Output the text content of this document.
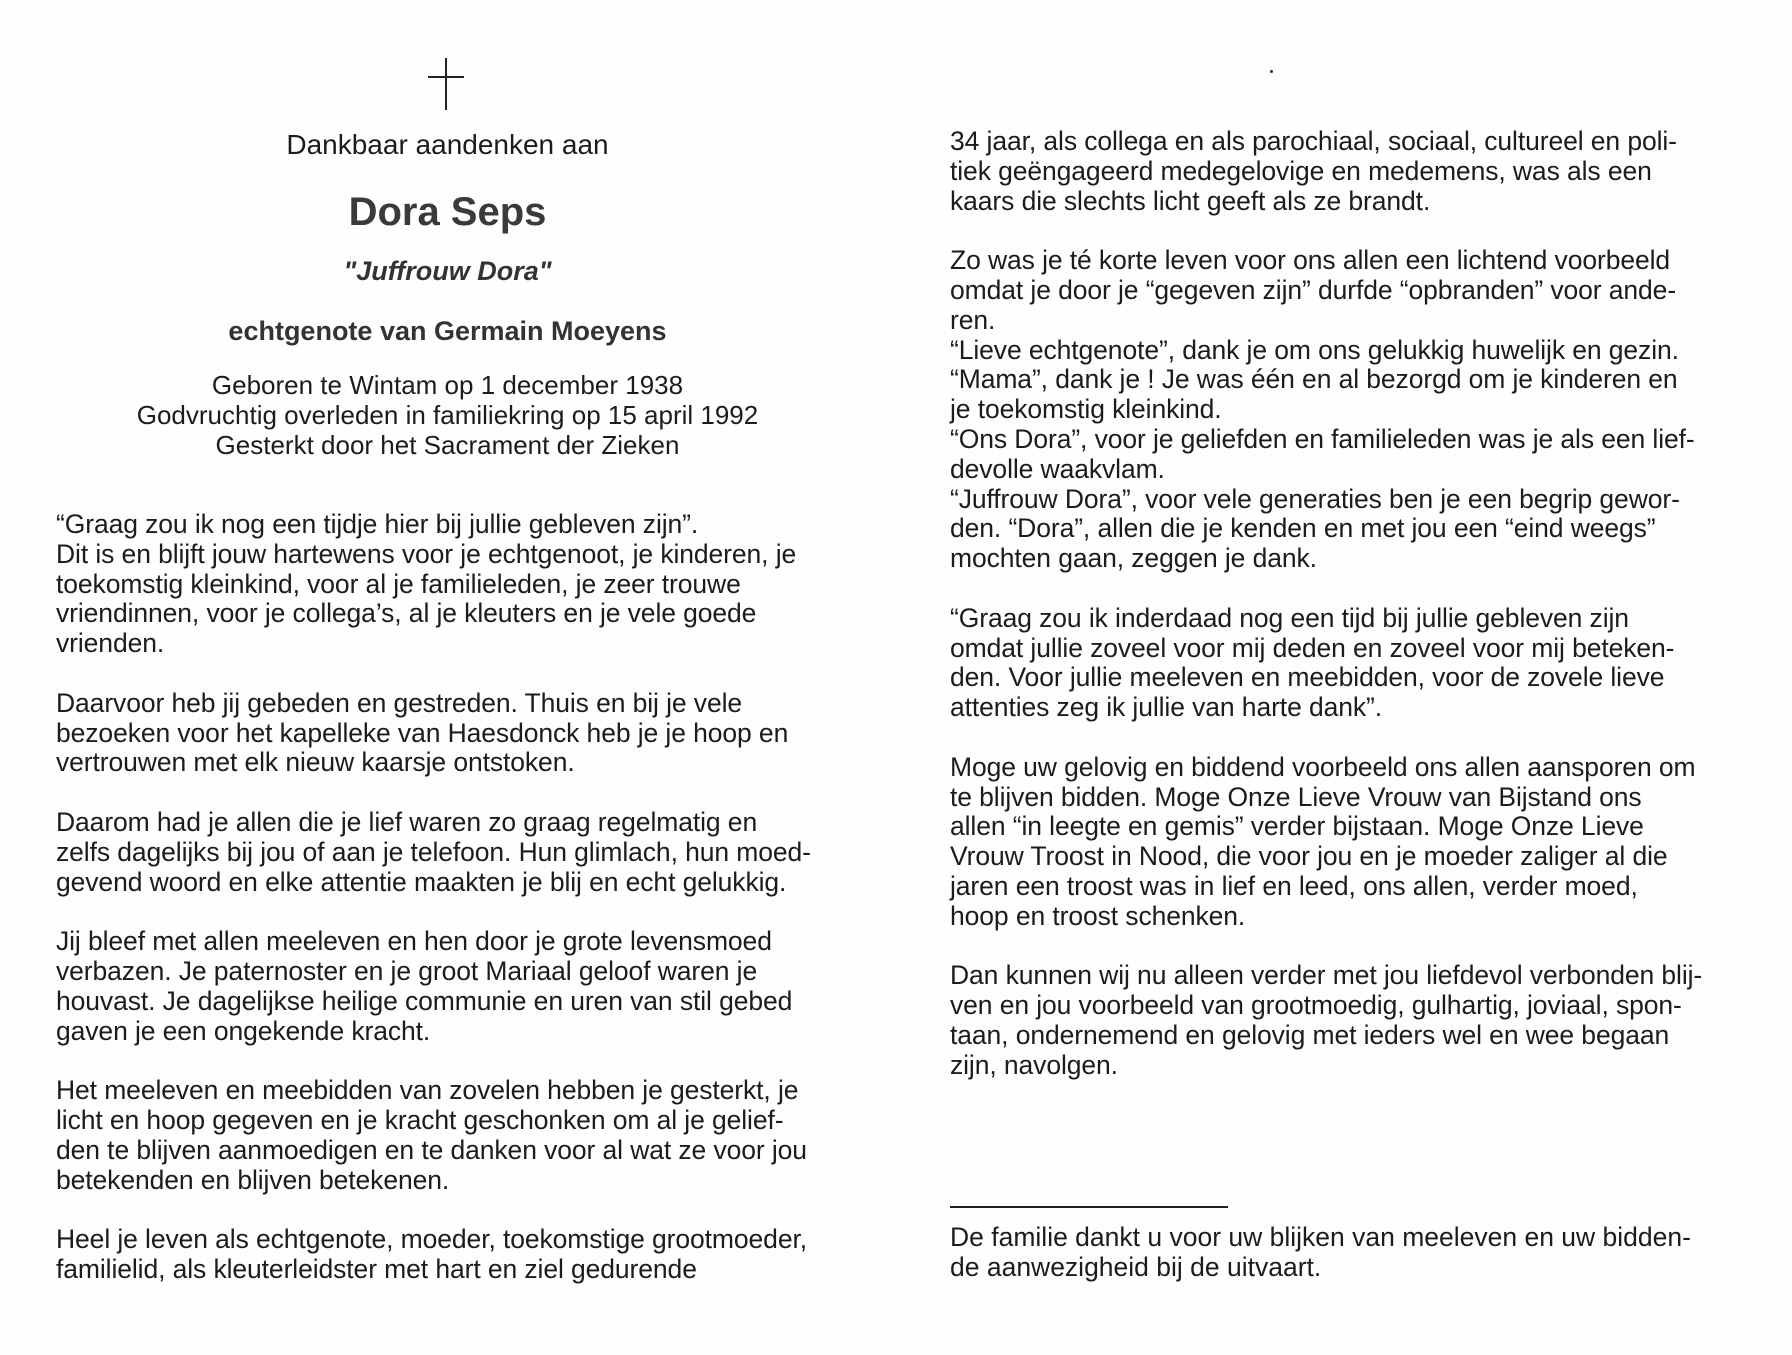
Dankbaar aandenken aan

Dora Seps

"Juffrouw Dora"

echtgenote van Germain Moeyens

Geboren te Wintam op 1 december 1938
Godvruchtig overleden in familiekring op 15 april 1992
Gesterkt door het Sacrament der Zieken

“Graag zou ik nog een tijdje hier bij jullie gebleven zijn”.
Dit is en blijft jouw hartewens voor je echtgenoot, je kinderen, je
toekomstig kleinkind, voor al je familieleden, je zeer trouwe
vriendinnen, voor je collega’s, al je kleuters en je vele goede
vrienden.

Daarvoor heb jij gebeden en gestreden. Thuis en bij je vele
bezoeken voor het kapelleke van Haesdonck heb je je hoop en
vertrouwen met elk nieuw kaarsje ontstoken.

Daarom had je allen die je lief waren zo graag regelmatig en
zelfs dagelijks bij jou of aan je telefoon. Hun glimlach, hun moed-
gevend woord en elke attentie maakten je blij en echt gelukkig.

Jij bleef met allen meeleven en hen door je grote levensmoed
verbazen. Je paternoster en je groot Mariaal geloof waren je
houvast. Je dagelijkse heilige communie en uren van stil gebed
gaven je een ongekende kracht.

Het meeleven en meebidden van zovelen hebben je gesterkt, je
licht en hoop gegeven en je kracht geschonken om al je gelief-
den te blijven aanmoedigen en te danken voor al wat ze voor jou
betekenden en blijven betekenen.

Heel je leven als echtgenote, moeder, toekomstige grootmoeder,
familielid, als kleuterleidster met hart en ziel gedurende

34 jaar, als collega en als parochiaal, sociaal, cultureel en poli-
tiek geëngageerd medegelovige en medemens, was als een
kaars die slechts licht geeft als ze brandt.

Zo was je té korte leven voor ons allen een lichtend voorbeeld
omdat je door je “gegeven zijn” durfde “opbranden” voor ande-
ren.
“Lieve echtgenote”, dank je om ons gelukkig huwelijk en gezin.
“Mama”, dank je ! Je was één en al bezorgd om je kinderen en
je toekomstig kleinkind.
“Ons Dora”, voor je geliefden en familieleden was je als een lief-
devolle waakvlam.
“Juffrouw Dora”, voor vele generaties ben je een begrip gewor-
den. “Dora”, allen die je kenden en met jou een “eind weegs”
mochten gaan, zeggen je dank.

“Graag zou ik inderdaad nog een tijd bij jullie gebleven zijn
omdat jullie zoveel voor mij deden en zoveel voor mij beteken-
den. Voor jullie meeleven en meebidden, voor de zovele lieve
attenties zeg ik jullie van harte dank”.

Moge uw gelovig en biddend voorbeeld ons allen aansporen om
te blijven bidden. Moge Onze Lieve Vrouw van Bijstand ons
allen “in leegte en gemis” verder bijstaan. Moge Onze Lieve
Vrouw Troost in Nood, die voor jou en je moeder zaliger al die
jaren een troost was in lief en leed, ons allen, verder moed,
hoop en troost schenken.

Dan kunnen wij nu alleen verder met jou liefdevol verbonden blij-
ven en jou voorbeeld van grootmoedig, gulhartig, joviaal, spon-
taan, ondernemend en gelovig met ieders wel en wee begaan
zijn, navolgen.

De familie dankt u voor uw blijken van meeleven en uw bidden-
de aanwezigheid bij de uitvaart.
